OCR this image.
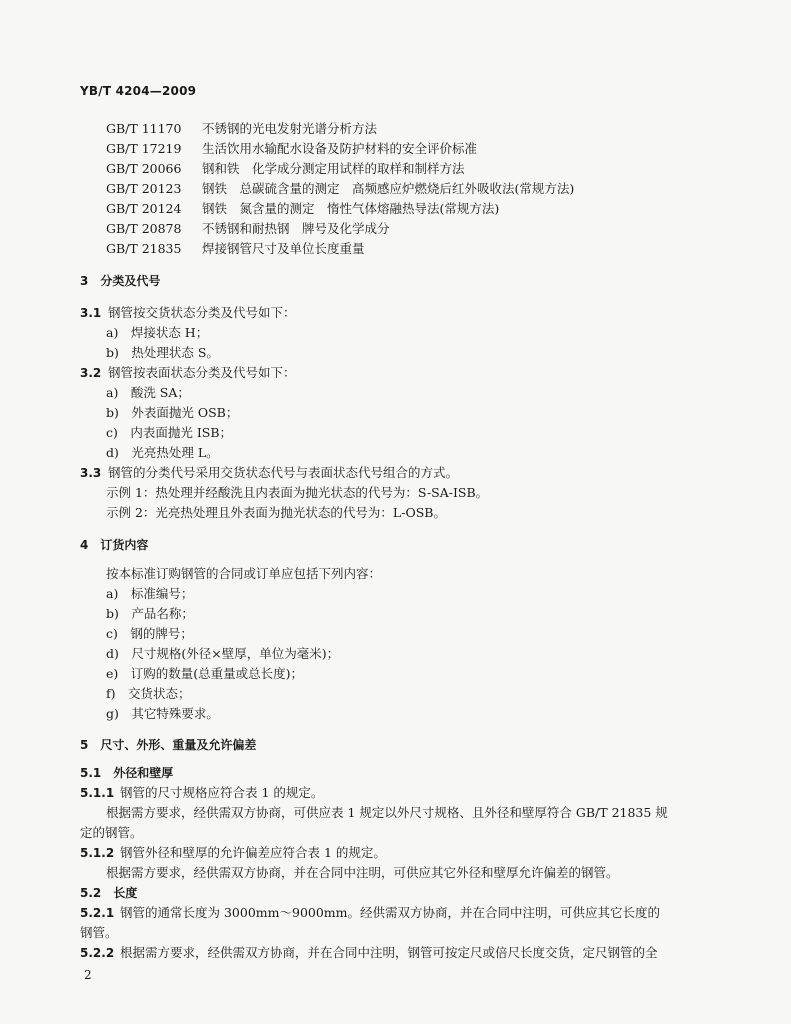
YB/T 4204—2009
GB/T 11170 不锈钢的光电发射光谱分析方法
GB/T 17219 生活饮用水输配水设备及防护材料的安全评价标准
GB/T 20066 钢和铁　化学成分测定用试样的取样和制样方法
GB/T 20123 钢铁　总碳硫含量的测定　高频感应炉燃烧后红外吸收法(常规方法)
GB/T 20124 钢铁　氮含量的测定　惰性气体熔融热导法(常规方法)
GB/T 20878 不锈钢和耐热钢　牌号及化学成分
GB/T 21835 焊接钢管尺寸及单位长度重量
3　分类及代号
3.1 钢管按交货状态分类及代号如下：
a)　焊接状态 H；
b)　热处理状态 S。
3.2 钢管按表面状态分类及代号如下：
a)　酸洗 SA；
b)　外表面抛光 OSB；
c)　内表面抛光 ISB；
d)　光亮热处理 L。
3.3 钢管的分类代号采用交货状态代号与表面状态代号组合的方式。
示例 1：热处理并经酸洗且内表面为抛光状态的代号为：S-SA-ISB。
示例 2：光亮热处理且外表面为抛光状态的代号为：L-OSB。
4　订货内容
按本标准订购钢管的合同或订单应包括下列内容：
a)　标准编号；
b)　产品名称；
c)　钢的牌号；
d)　尺寸规格(外径×壁厚，单位为毫米)；
e)　订购的数量(总重量或总长度)；
f)　交货状态；
g)　其它特殊要求。
5　尺寸、外形、重量及允许偏差
5.1　外径和壁厚
5.1.1 钢管的尺寸规格应符合表 1 的规定。
根据需方要求，经供需双方协商，可供应表 1 规定以外尺寸规格、且外径和壁厚符合 GB/T 21835 规
定的钢管。
5.1.2 钢管外径和壁厚的允许偏差应符合表 1 的规定。
根据需方要求，经供需双方协商，并在合同中注明，可供应其它外径和壁厚允许偏差的钢管。
5.2　长度
5.2.1 钢管的通常长度为 3000mm～9000mm。经供需双方协商，并在合同中注明，可供应其它长度的
钢管。
5.2.2 根据需方要求，经供需双方协商，并在合同中注明，钢管可按定尺或倍尺长度交货，定尺钢管的全
2
